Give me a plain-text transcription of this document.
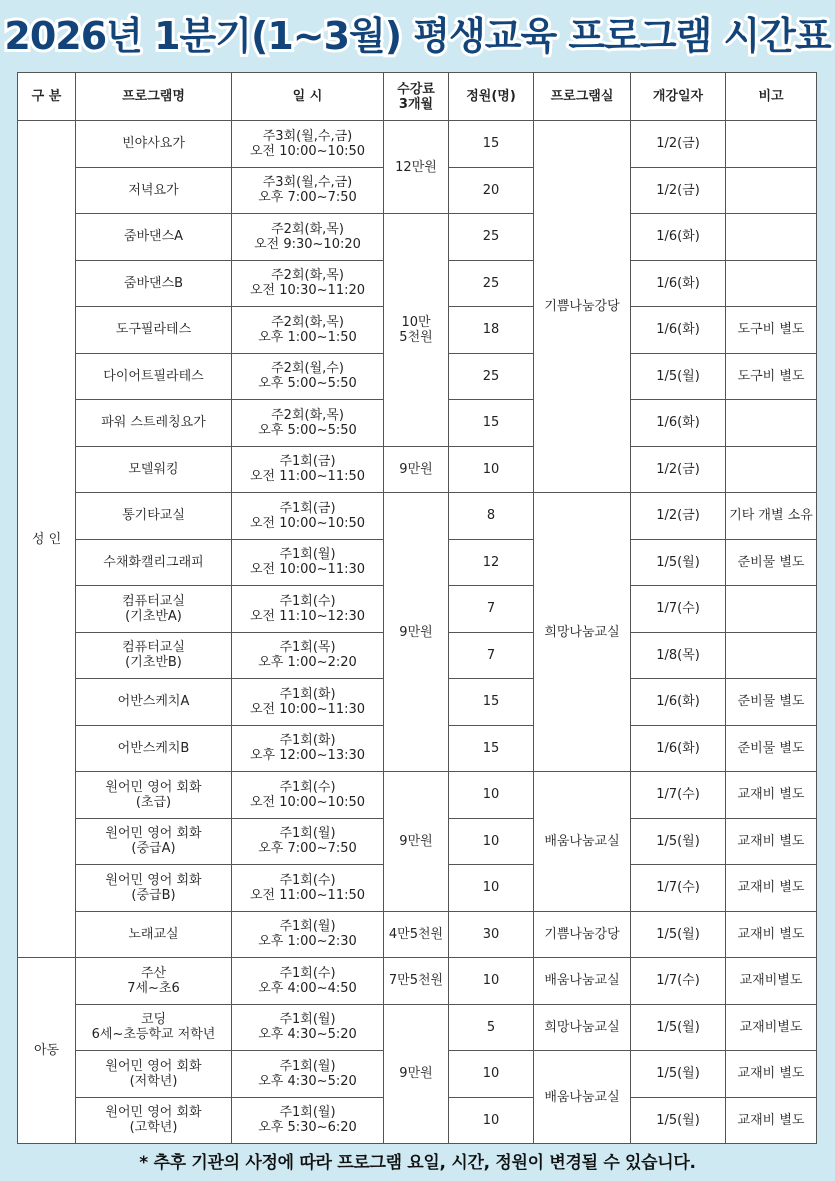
2026년 1분기(1~3월) 평생교육 프로그램 시간표
구 분	프로그램명	일 시	수강료
3개월	정원(명)	프로그램실	개강일자	비고
성 인	빈야사요가	주3회(월,수,금)
오전 10:00~10:50	12만원	15	기쁨나눔강당	1/2(금)	
	저녁요가	주3회(월,수,금)
오후 7:00~7:50		20		1/2(금)	
	줌바댄스A	주2회(화,목)
오전 9:30~10:20	10만
5천원	25		1/6(화)	
	줌바댄스B	주2회(화,목)
오전 10:30~11:20		25		1/6(화)	
	도구필라테스	주2회(화,목)
오후 1:00~1:50		18		1/6(화)	도구비 별도
	다이어트필라테스	주2회(월,수)
오후 5:00~5:50		25		1/5(월)	도구비 별도
	파워 스트레칭요가	주2회(화,목)
오후 5:00~5:50		15		1/6(화)	
	모델워킹	주1회(금)
오전 11:00~11:50	9만원	10		1/2(금)	
	통기타교실	주1회(금)
오전 10:00~10:50	9만원	8	희망나눔교실	1/2(금)	기타 개별 소유
	수채화캘리그래피	주1회(월)
오전 10:00~11:30		12		1/5(월)	준비물 별도
	컴퓨터교실
(기초반A)	주1회(수)
오전 11:10~12:30		7		1/7(수)	
	컴퓨터교실
(기초반B)	주1회(목)
오후 1:00~2:20		7		1/8(목)	
	어반스케치A	주1회(화)
오전 10:00~11:30		15		1/6(화)	준비물 별도
	어반스케치B	주1회(화)
오후 12:00~13:30		15		1/6(화)	준비물 별도
	원어민 영어 회화
(초급)	주1회(수)
오전 10:00~10:50	9만원	10	배움나눔교실	1/7(수)	교재비 별도
	원어민 영어 회화
(중급A)	주1회(월)
오후 7:00~7:50		10		1/5(월)	교재비 별도
	원어민 영어 회화
(중급B)	주1회(수)
오전 11:00~11:50		10		1/7(수)	교재비 별도
	노래교실	주1회(월)
오후 1:00~2:30	4만5천원	30	기쁨나눔강당	1/5(월)	교재비 별도
아동	주산
7세~초6	주1회(수)
오후 4:00~4:50	7만5천원	10	배움나눔교실	1/7(수)	교재비별도
	코딩
6세~초등학교 저학년	주1회(월)
오후 4:30~5:20	9만원	5	희망나눔교실	1/5(월)	교재비별도
	원어민 영어 회화
(저학년)	주1회(월)
오후 4:30~5:20		10	배움나눔교실	1/5(월)	교재비 별도
	원어민 영어 회화
(고학년)	주1회(월)
오후 5:30~6:20		10		1/5(월)	교재비 별도
* 추후 기관의 사정에 따라 프로그램 요일, 시간, 정원이 변경될 수 있습니다.
